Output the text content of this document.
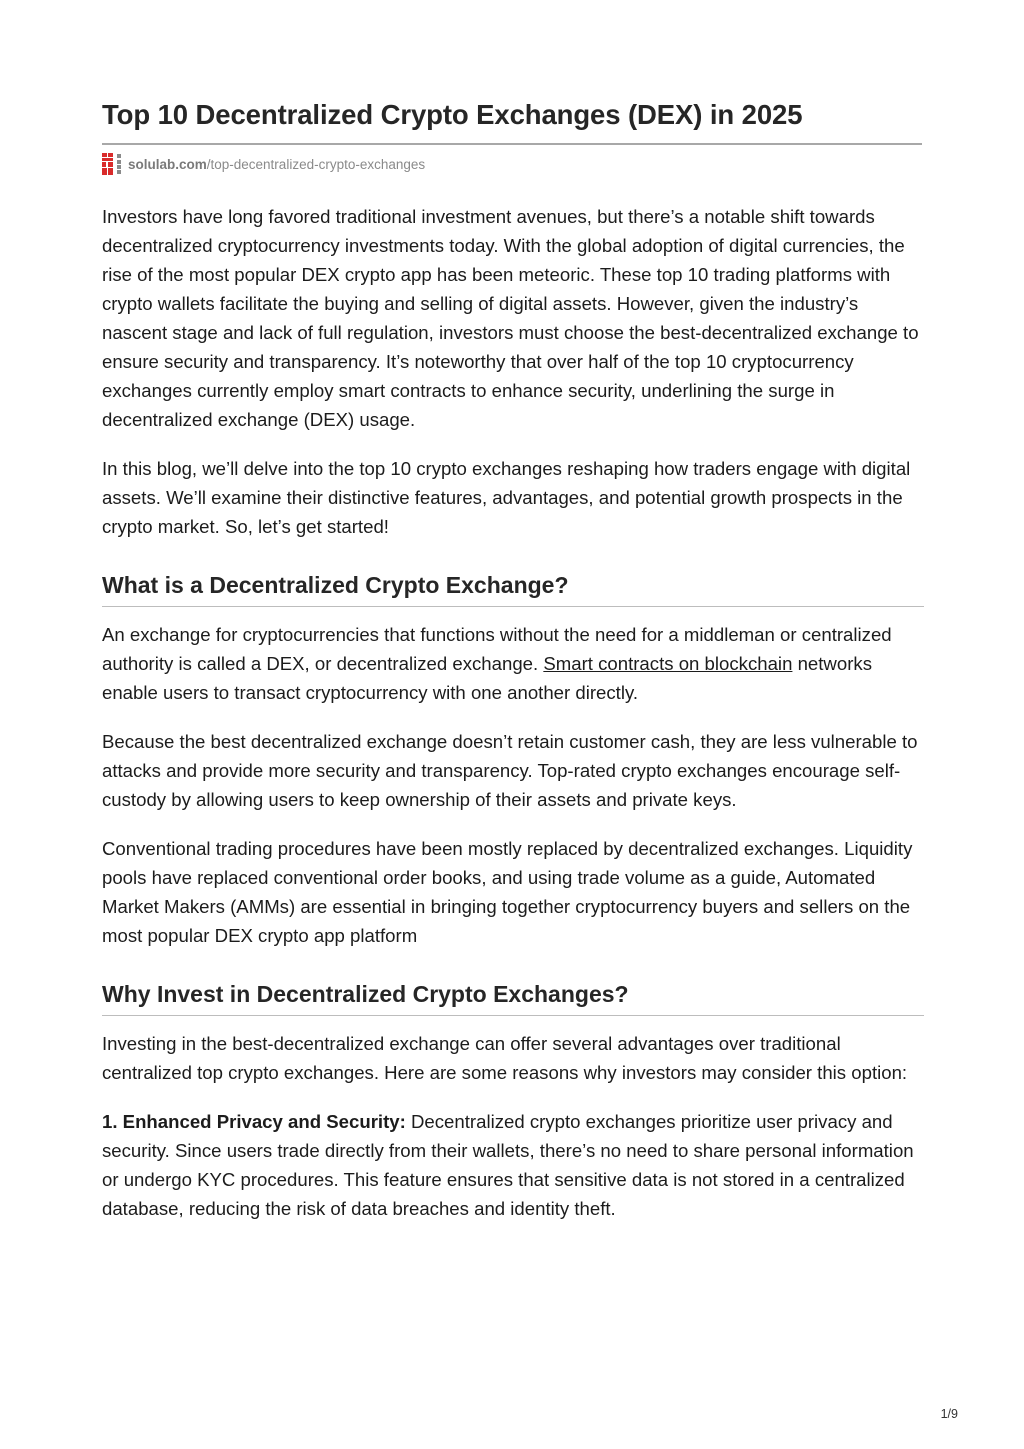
Top 10 Decentralized Crypto Exchanges (DEX) in 2025
solulab.com/top-decentralized-crypto-exchanges

Investors have long favored traditional investment avenues, but there’s a notable shift towards decentralized cryptocurrency investments today. With the global adoption of digital currencies, the rise of the most popular DEX crypto app has been meteoric. These top 10 trading platforms with crypto wallets facilitate the buying and selling of digital assets. However, given the industry’s nascent stage and lack of full regulation, investors must choose the best-decentralized exchange to ensure security and transparency. It’s noteworthy that over half of the top 10 cryptocurrency exchanges currently employ smart contracts to enhance security, underlining the surge in decentralized exchange (DEX) usage.

In this blog, we’ll delve into the top 10 crypto exchanges reshaping how traders engage with digital assets. We’ll examine their distinctive features, advantages, and potential growth prospects in the crypto market. So, let’s get started!

What is a Decentralized Crypto Exchange?

An exchange for cryptocurrencies that functions without the need for a middleman or centralized authority is called a DEX, or decentralized exchange. Smart contracts on blockchain networks enable users to transact cryptocurrency with one another directly.

Because the best decentralized exchange doesn’t retain customer cash, they are less vulnerable to attacks and provide more security and transparency. Top-rated crypto exchanges encourage self-custody by allowing users to keep ownership of their assets and private keys.

Conventional trading procedures have been mostly replaced by decentralized exchanges. Liquidity pools have replaced conventional order books, and using trade volume as a guide, Automated Market Makers (AMMs) are essential in bringing together cryptocurrency buyers and sellers on the most popular DEX crypto app platform

Why Invest in Decentralized Crypto Exchanges?

Investing in the best-decentralized exchange can offer several advantages over traditional centralized top crypto exchanges. Here are some reasons why investors may consider this option:

1. Enhanced Privacy and Security: Decentralized crypto exchanges prioritize user privacy and security. Since users trade directly from their wallets, there’s no need to share personal information or undergo KYC procedures. This feature ensures that sensitive data is not stored in a centralized database, reducing the risk of data breaches and identity theft.

1/9
